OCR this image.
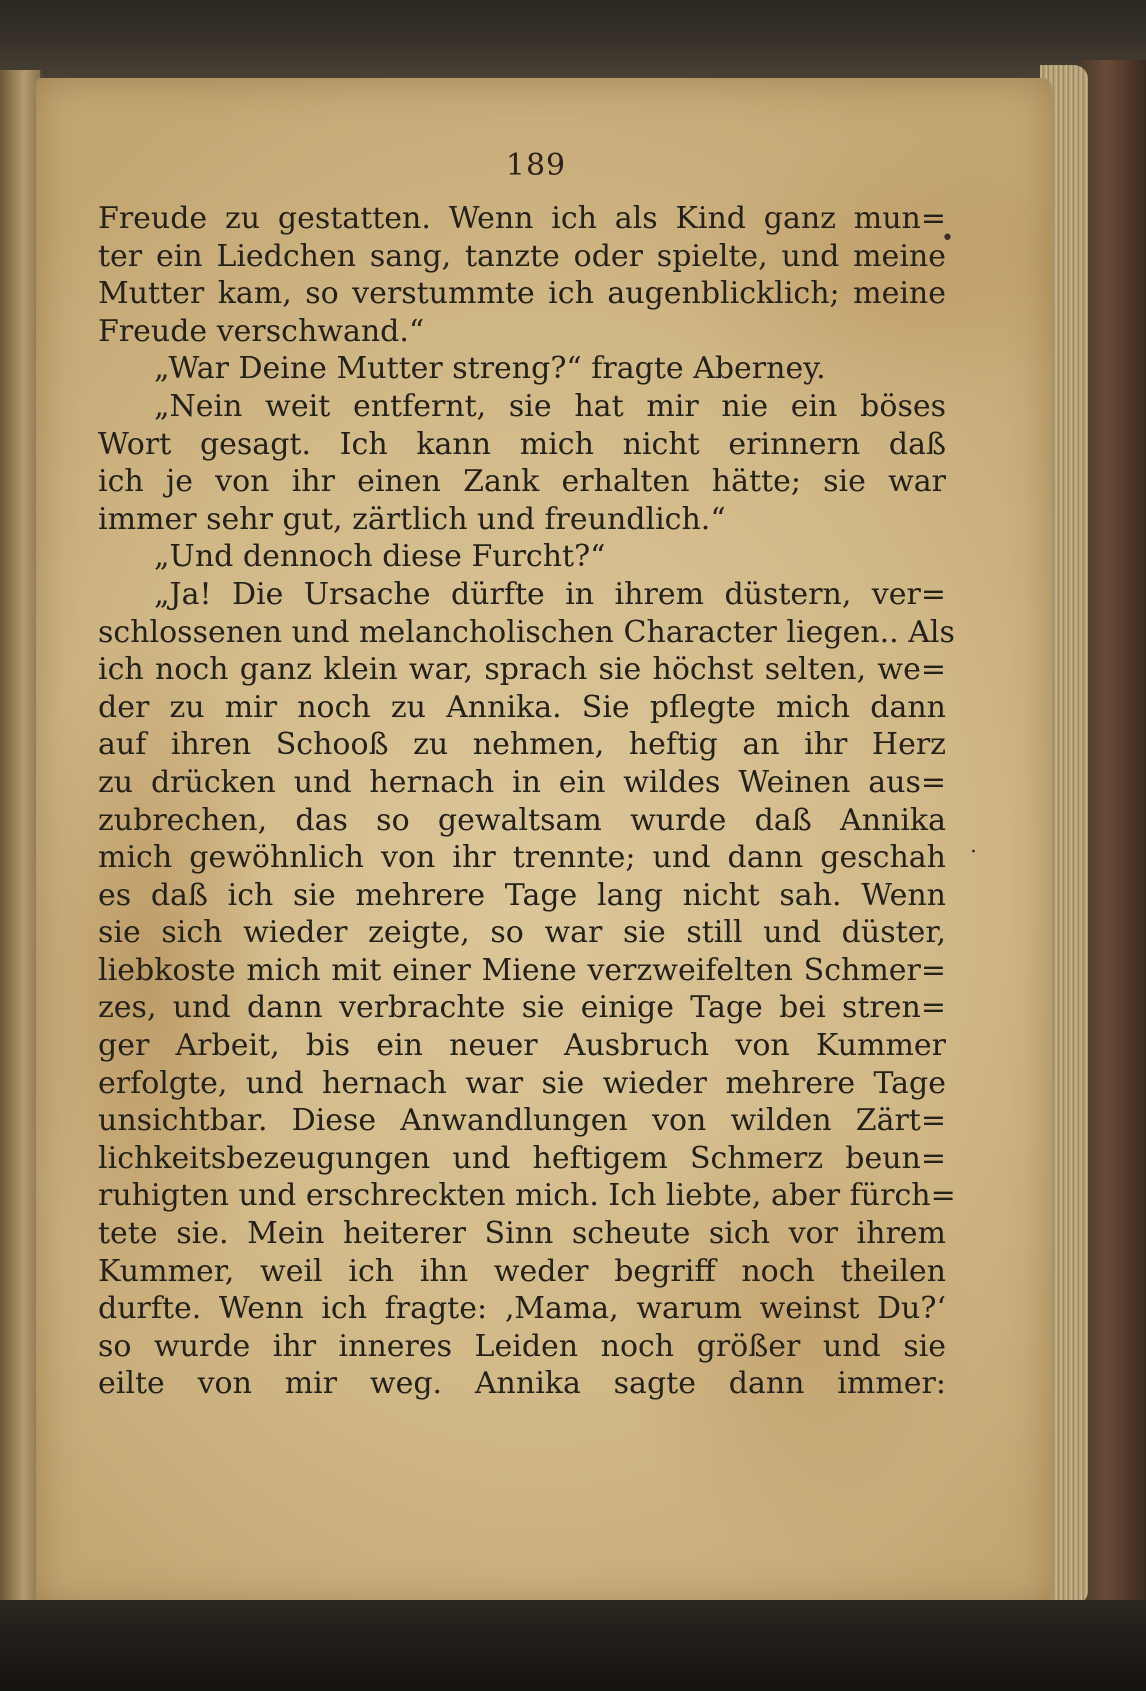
189
Freude zu gestatten. Wenn ich als Kind ganz mun=
ter ein Liedchen sang, tanzte oder spielte, und meine
Mutter kam, so verstummte ich augenblicklich; meine
Freude verschwand.“
„War Deine Mutter streng?“ fragte Aberney.
„Nein weit entfernt, sie hat mir nie ein böses
Wort gesagt. Ich kann mich nicht erinnern daß
ich je von ihr einen Zank erhalten hätte; sie war
immer sehr gut, zärtlich und freundlich.“
„Und dennoch diese Furcht?“
„Ja! Die Ursache dürfte in ihrem düstern, ver=
schlossenen und melancholischen Character liegen.. Als
ich noch ganz klein war, sprach sie höchst selten, we=
der zu mir noch zu Annika. Sie pflegte mich dann
auf ihren Schooß zu nehmen, heftig an ihr Herz
zu drücken und hernach in ein wildes Weinen aus=
zubrechen, das so gewaltsam wurde daß Annika
mich gewöhnlich von ihr trennte; und dann geschah
es daß ich sie mehrere Tage lang nicht sah. Wenn
sie sich wieder zeigte, so war sie still und düster,
liebkoste mich mit einer Miene verzweifelten Schmer=
zes, und dann verbrachte sie einige Tage bei stren=
ger Arbeit, bis ein neuer Ausbruch von Kummer
erfolgte, und hernach war sie wieder mehrere Tage
unsichtbar. Diese Anwandlungen von wilden Zärt=
lichkeitsbezeugungen und heftigem Schmerz beun=
ruhigten und erschreckten mich. Ich liebte, aber fürch=
tete sie. Mein heiterer Sinn scheute sich vor ihrem
Kummer, weil ich ihn weder begriff noch theilen
durfte. Wenn ich fragte: ‚Mama, warum weinst Du?‘
so wurde ihr inneres Leiden noch größer und sie
eilte von mir weg. Annika sagte dann immer:
•
·
